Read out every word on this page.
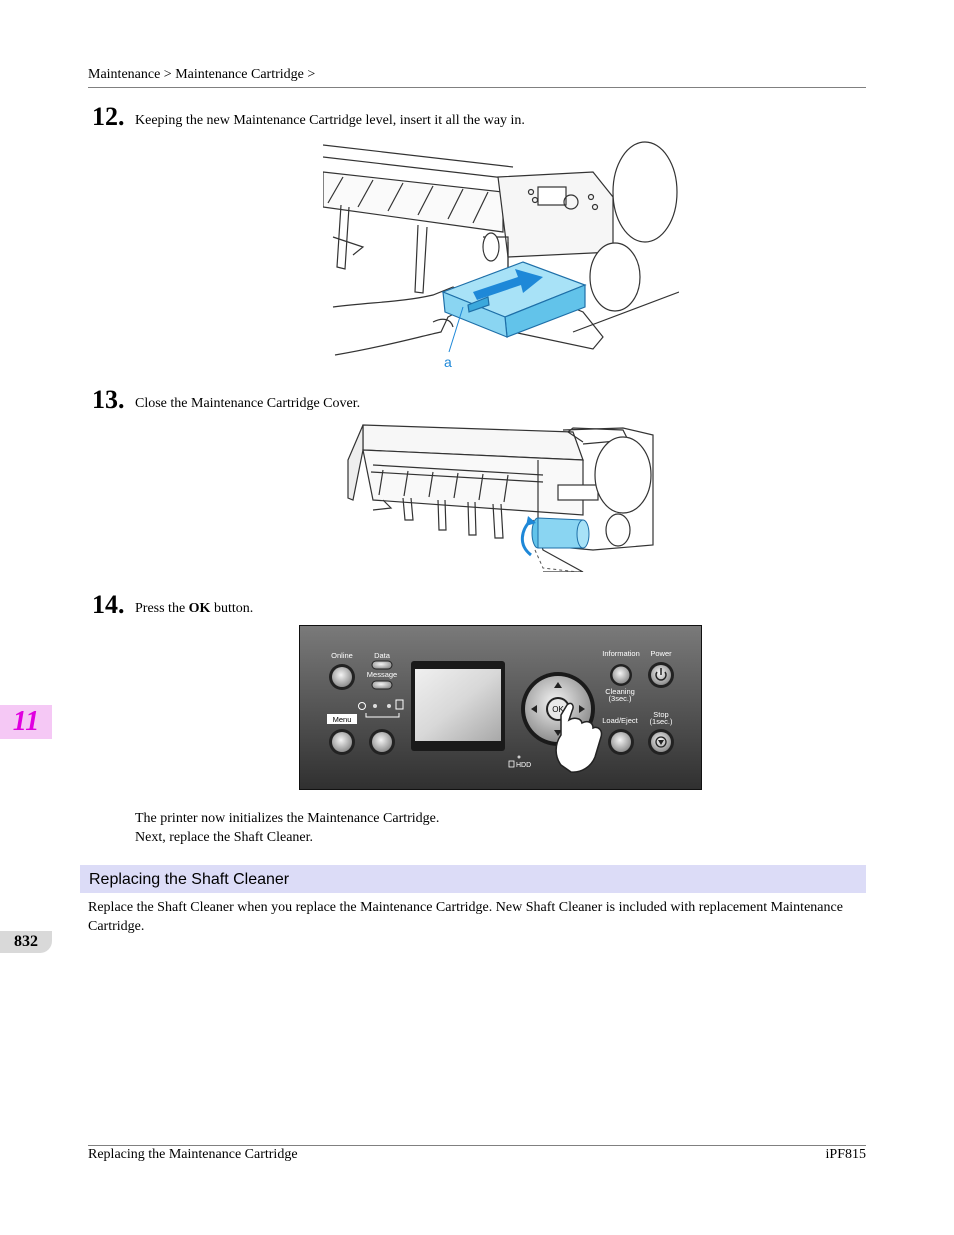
Maintenance > Maintenance Cartridge >
12. Keeping the new Maintenance Cartridge level, insert it all the way in.
a
13. Close the Maintenance Cartridge Cover.
14. Press the OK button.
Online	Data
Message
Menu
OK
Information Power
Cleaning
(3sec.)
Load/Eject
Stop
(1sec.)
HDD
The printer now initializes the Maintenance Cartridge.
Next, replace the Shaft Cleaner.
Replacing the Shaft Cleaner
Replace the Shaft Cleaner when you replace the Maintenance Cartridge. New Shaft Cleaner is included with replacement Maintenance Cartridge.
11
832
Replacing the Maintenance Cartridge	iPF815
